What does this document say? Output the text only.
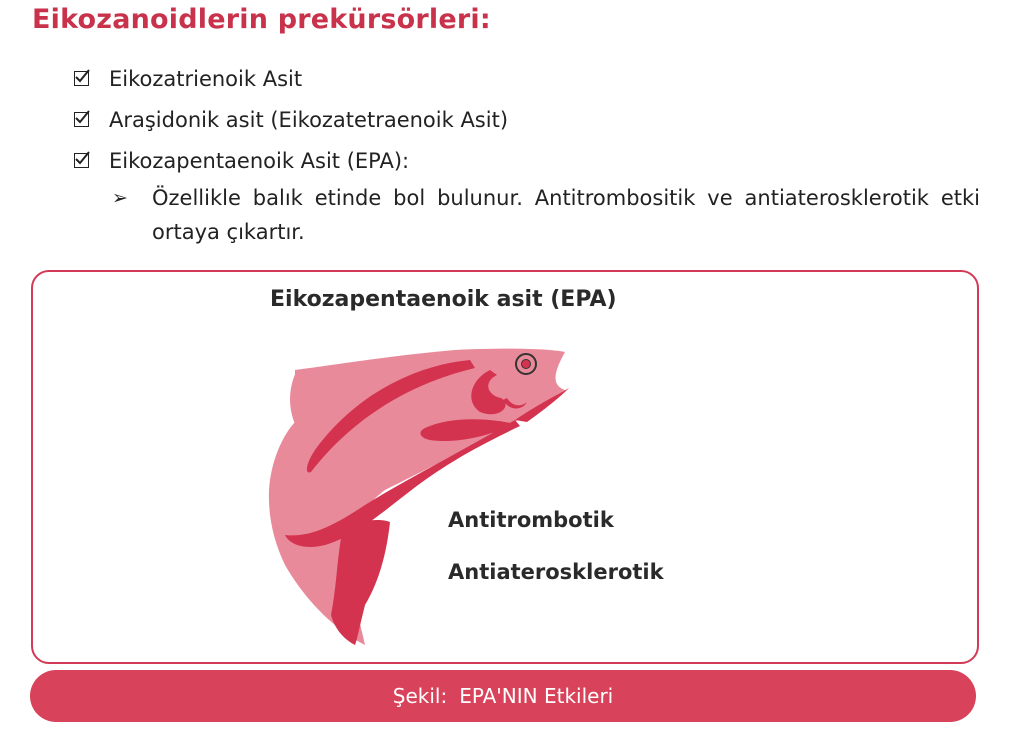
Eikozanoidlerin prekürsörleri:
Eikozatrienoik Asit
Araşidonik asit (Eikozatetraenoik Asit)
Eikozapentaenoik Asit (EPA):
➢	Özellikle balık etinde bol bulunur. Antitrombositik ve antiaterosklerotik etki ortaya çıkartır.
Eikozapentaenoik asit (EPA)
Antitrombotik
Antiaterosklerotik
Şekil: EPA'NIN Etkileri
